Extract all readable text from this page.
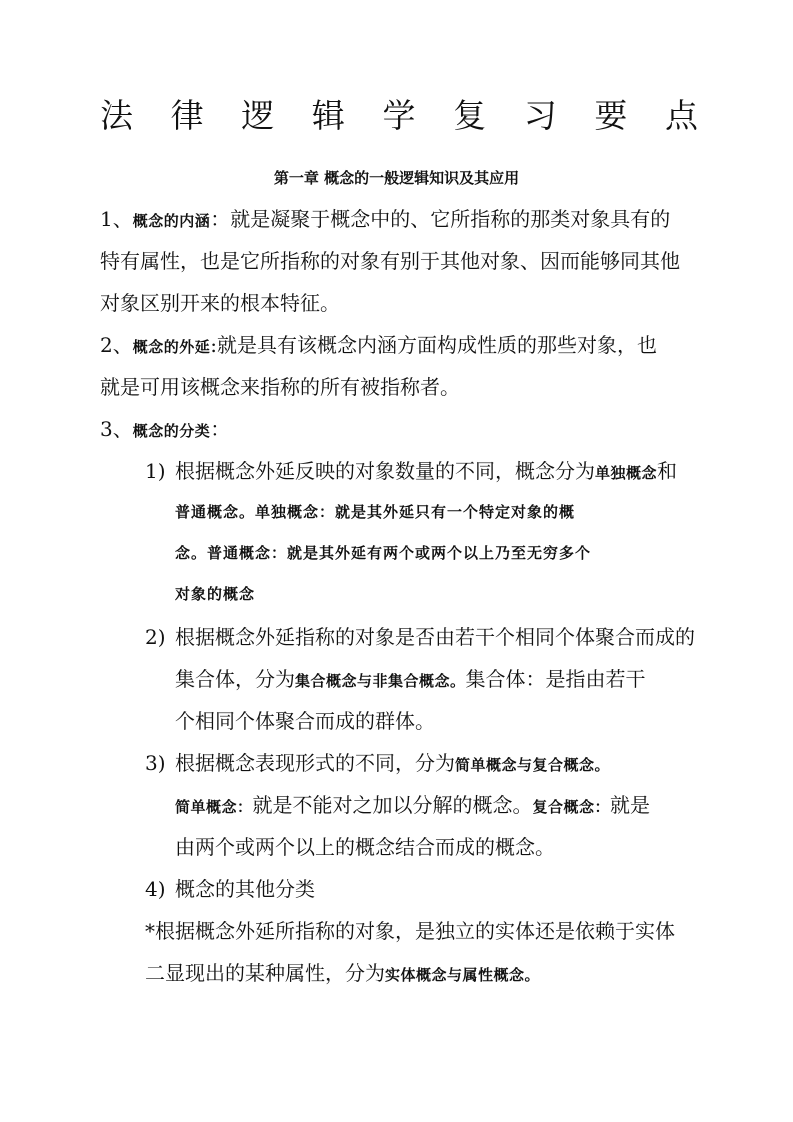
法 律 逻 辑 学 复 习 要 点
第一章 概念的一般逻辑知识及其应用

1、概念的内涵：就是凝聚于概念中的、它所指称的那类对象具有的

特有属性，也是它所指称的对象有别于其他对象、因而能够同其他

对象区别开来的根本特征。

2、概念的外延:就是具有该概念内涵方面构成性质的那些对象，也

就是可用该概念来指称的所有被指称者。

3、概念的分类：

1) 根据概念外延反映的对象数量的不同，概念分为单独概念和

普通概念。单独概念：就是其外延只有一个特定对象的概

念。普通概念：就是其外延有两个或两个以上乃至无穷多个

对象的概念

2) 根据概念外延指称的对象是否由若干个相同个体聚合而成的

集合体，分为集合概念与非集合概念。集合体：是指由若干

个相同个体聚合而成的群体。

3) 根据概念表现形式的不同，分为简单概念与复合概念。

简单概念：就是不能对之加以分解的概念。复合概念：就是

由两个或两个以上的概念结合而成的概念。

4) 概念的其他分类

*根据概念外延所指称的对象，是独立的实体还是依赖于实体

二显现出的某种属性，分为实体概念与属性概念。
